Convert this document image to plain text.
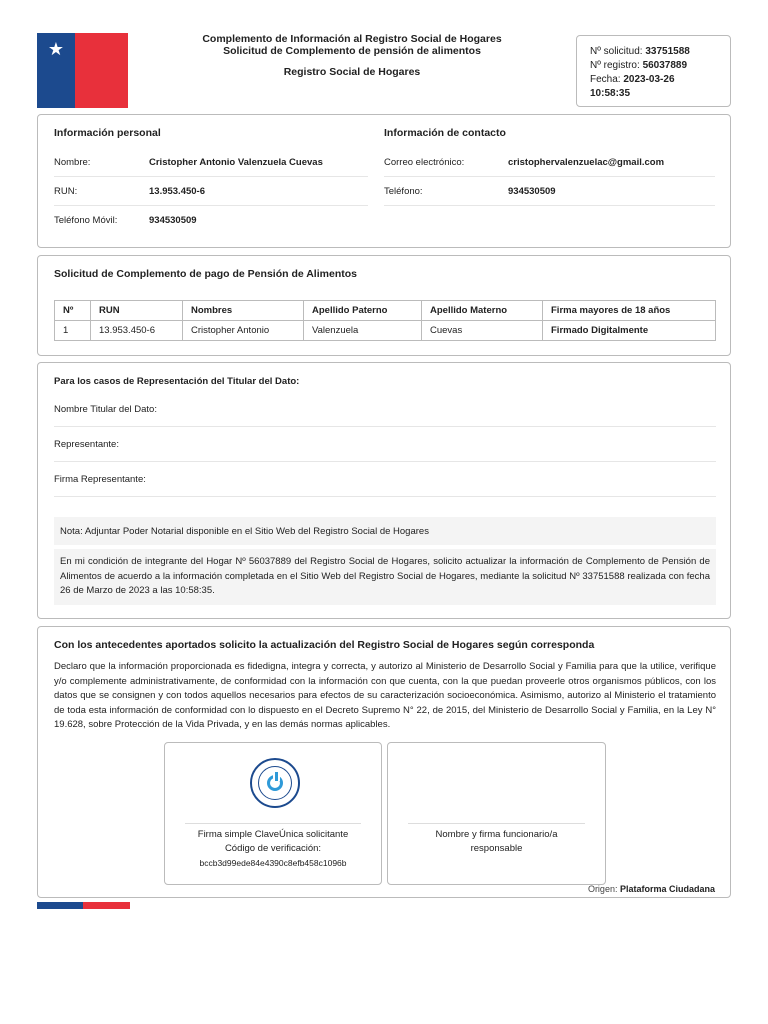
★	Complemento de Información al Registro Social de Hogares
Solicitud de Complemento de pensión de alimentos
Registro Social de Hogares
Nº solicitud: 33751588
Nº registro: 56037889
Fecha: 2023-03-26 10:58:35
Información personal	Información de contacto
Nombre:	Cristopher Antonio Valenzuela Cuevas
RUN:	13.953.450-6
Teléfono Móvil:	934530509
Correo electrónico:	cristophervalenzuelac@gmail.com
Teléfono:	934530509
Solicitud de Complemento de pago de Pensión de Alimentos
Nº	RUN	Nombres	Apellido Paterno	Apellido Materno	Firma mayores de 18 años
1	13.953.450-6	Cristopher Antonio	Valenzuela	Cuevas	Firmado Digitalmente
Para los casos de Representación del Titular del Dato:
Nombre Titular del Dato:
Representante:
Firma Representante:
Nota: Adjuntar Poder Notarial disponible en el Sitio Web del Registro Social de Hogares
En mi condición de integrante del Hogar Nº 56037889 del Registro Social de Hogares, solicito actualizar la información de Complemento de Pensión de Alimentos de acuerdo a la información completada en el Sitio Web del Registro Social de Hogares, mediante la solicitud Nº 33751588 realizada con fecha 26 de Marzo de 2023 a las 10:58:35.
Con los antecedentes aportados solicito la actualización del Registro Social de Hogares según corresponda
Declaro que la información proporcionada es fidedigna, integra y correcta, y autorizo al Ministerio de Desarrollo Social y Familia para que la utilice, verifique y/o complemente administrativamente, de conformidad con la información con que cuenta, con la que puedan proveerle otros organismos públicos, con los datos que se consignen y con todos aquellos necesarios para efectos de su caracterización socioeconómica. Asimismo, autorizo al Ministerio el tratamiento de toda esta información de conformidad con lo dispuesto en el Decreto Supremo N° 22, de 2015, del Ministerio de Desarrollo Social y Familia, en la Ley N° 19.628, sobre Protección de la Vida Privada, y en las demás normas aplicables.
Firma simple ClaveÚnica solicitante
Código de verificación:
bccb3d99ede84e4390c8efb458c1096b
Nombre y firma funcionario/a
responsable
Origen: Plataforma Ciudadana
